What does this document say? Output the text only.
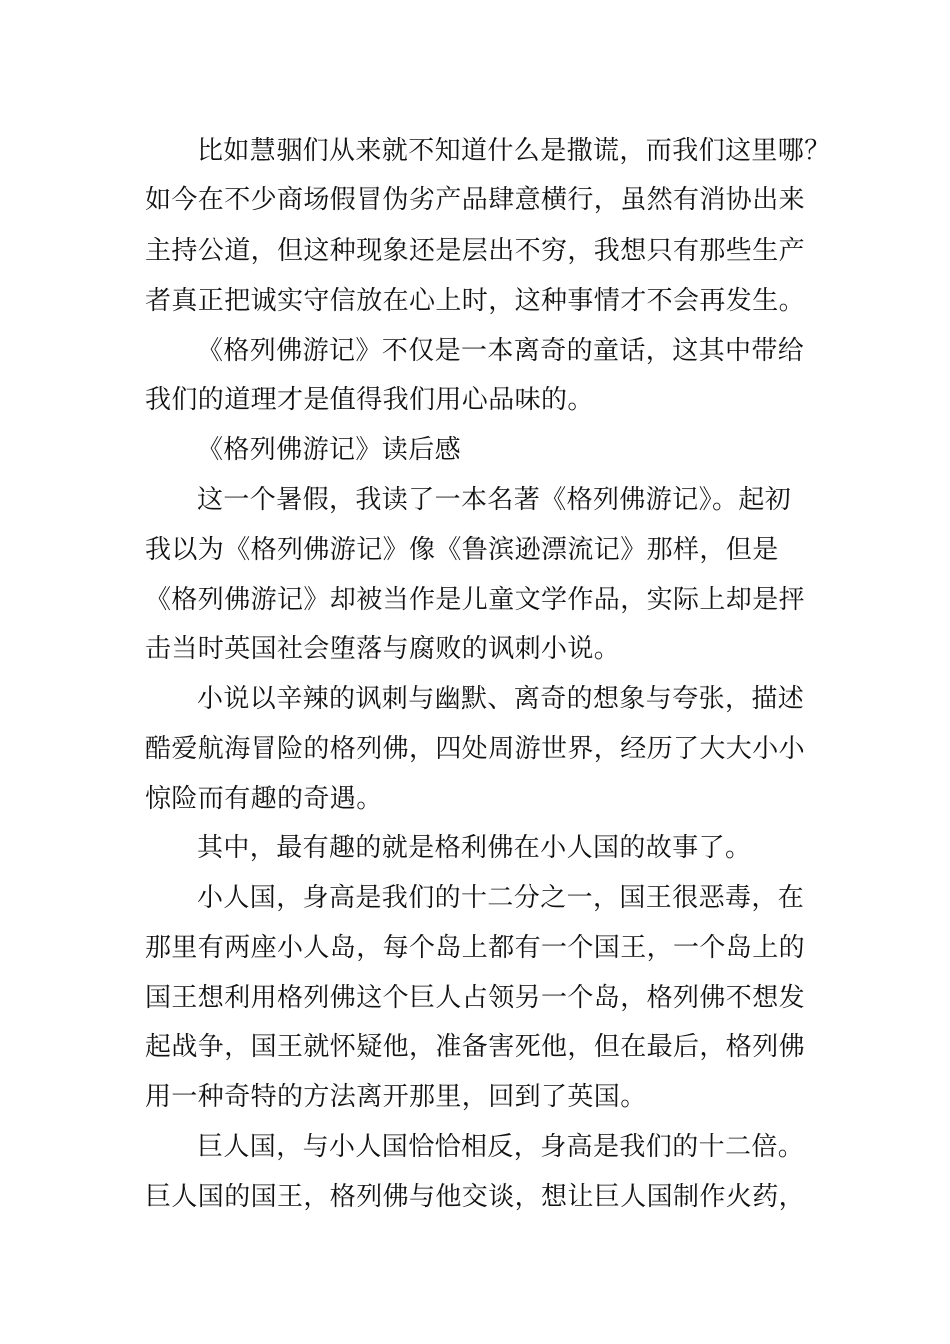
比如慧骃们从来就不知道什么是撒谎，而我们这里哪？
如今在不少商场假冒伪劣产品肆意横行，虽然有消协出来
主持公道，但这种现象还是层出不穷，我想只有那些生产
者真正把诚实守信放在心上时，这种事情才不会再发生。
《格列佛游记》不仅是一本离奇的童话，这其中带给
我们的道理才是值得我们用心品味的。
《格列佛游记》读后感
这一个暑假，我读了一本名著《格列佛游记》。起初
我以为《格列佛游记》像《鲁滨逊漂流记》那样，但是
《格列佛游记》却被当作是儿童文学作品，实际上却是抨
击当时英国社会堕落与腐败的讽刺小说。
小说以辛辣的讽刺与幽默、离奇的想象与夸张，描述
酷爱航海冒险的格列佛，四处周游世界，经历了大大小小
惊险而有趣的奇遇。
其中，最有趣的就是格利佛在小人国的故事了。
小人国，身高是我们的十二分之一，国王很恶毒，在
那里有两座小人岛，每个岛上都有一个国王，一个岛上的
国王想利用格列佛这个巨人占领另一个岛，格列佛不想发
起战争，国王就怀疑他，准备害死他，但在最后，格列佛
用一种奇特的方法离开那里，回到了英国。
巨人国，与小人国恰恰相反，身高是我们的十二倍。
巨人国的国王，格列佛与他交谈，想让巨人国制作火药，
